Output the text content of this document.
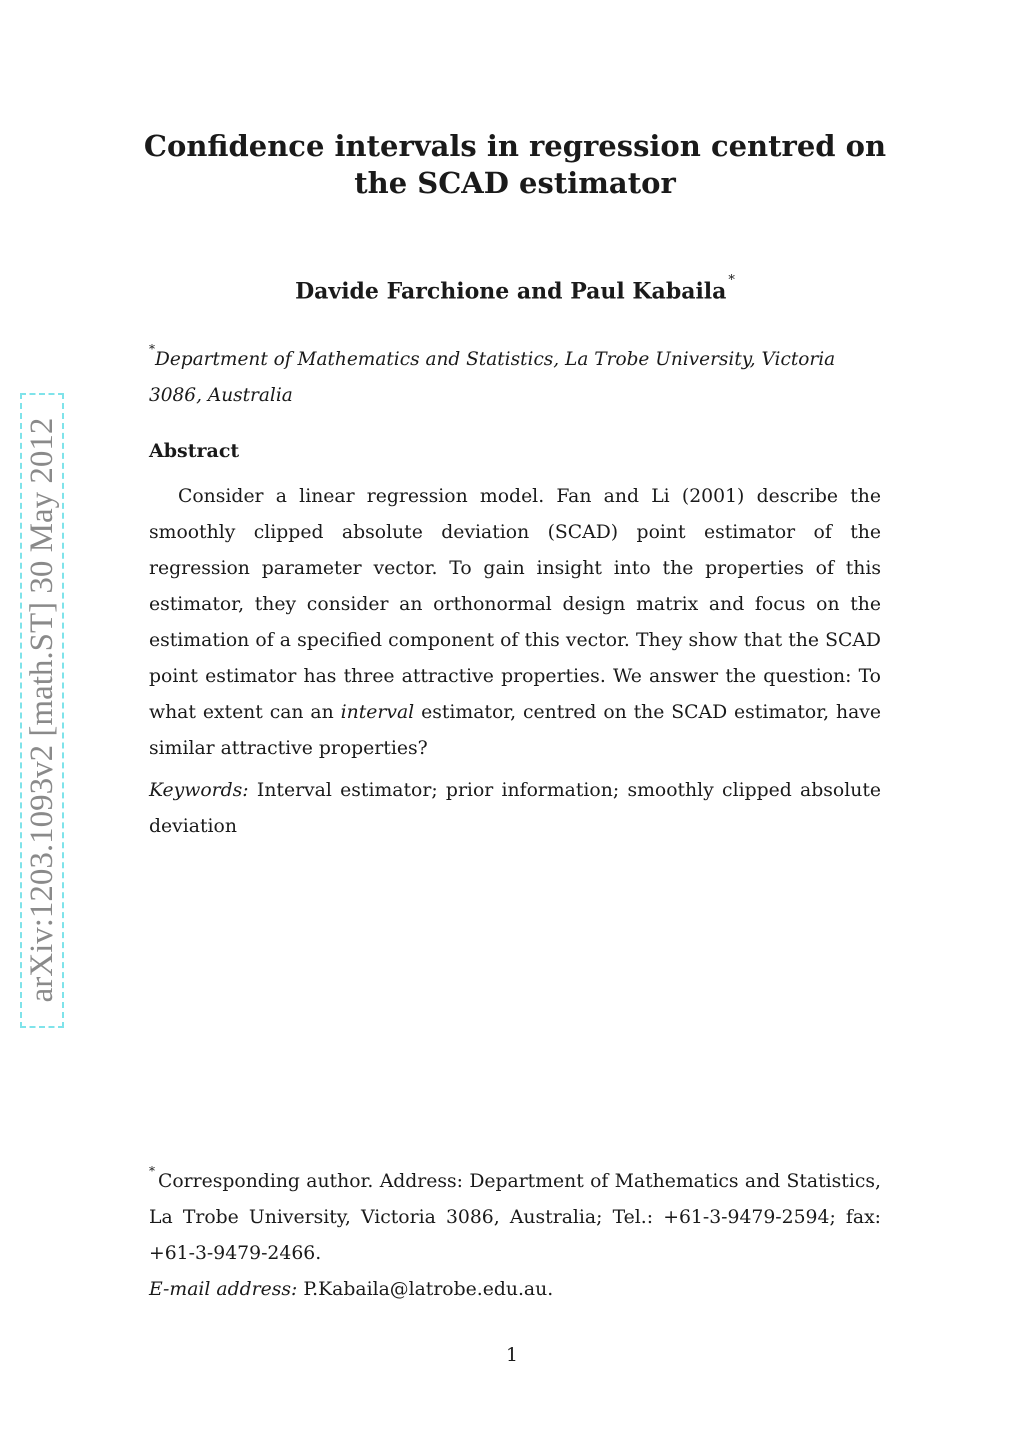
arXiv:1203.1093v2 [math.ST] 30 May 2012
Confidence intervals in regression centred on the SCAD estimator
Davide Farchione and Paul Kabaila *
*Department of Mathematics and Statistics, La Trobe University, Victoria 3086, Australia
Abstract

Consider a linear regression model. Fan and Li (2001) describe the smoothly clipped absolute deviation (SCAD) point estimator of the regression parameter vector. To gain insight into the properties of this estimator, they consider an orthonormal design matrix and focus on the estimation of a specified component of this vector. They show that the SCAD point estimator has three attractive properties. We answer the question: To what extent can an interval estimator, centred on the SCAD estimator, have similar attractive properties?

Keywords: Interval estimator; prior information; smoothly clipped absolute deviation

* Corresponding author. Address: Department of Mathematics and Statistics, La Trobe University, Victoria 3086, Australia; Tel.: +61-3-9479-2594; fax: +61-3-9479-2466.

E-mail address: P.Kabaila@latrobe.edu.au.
1
